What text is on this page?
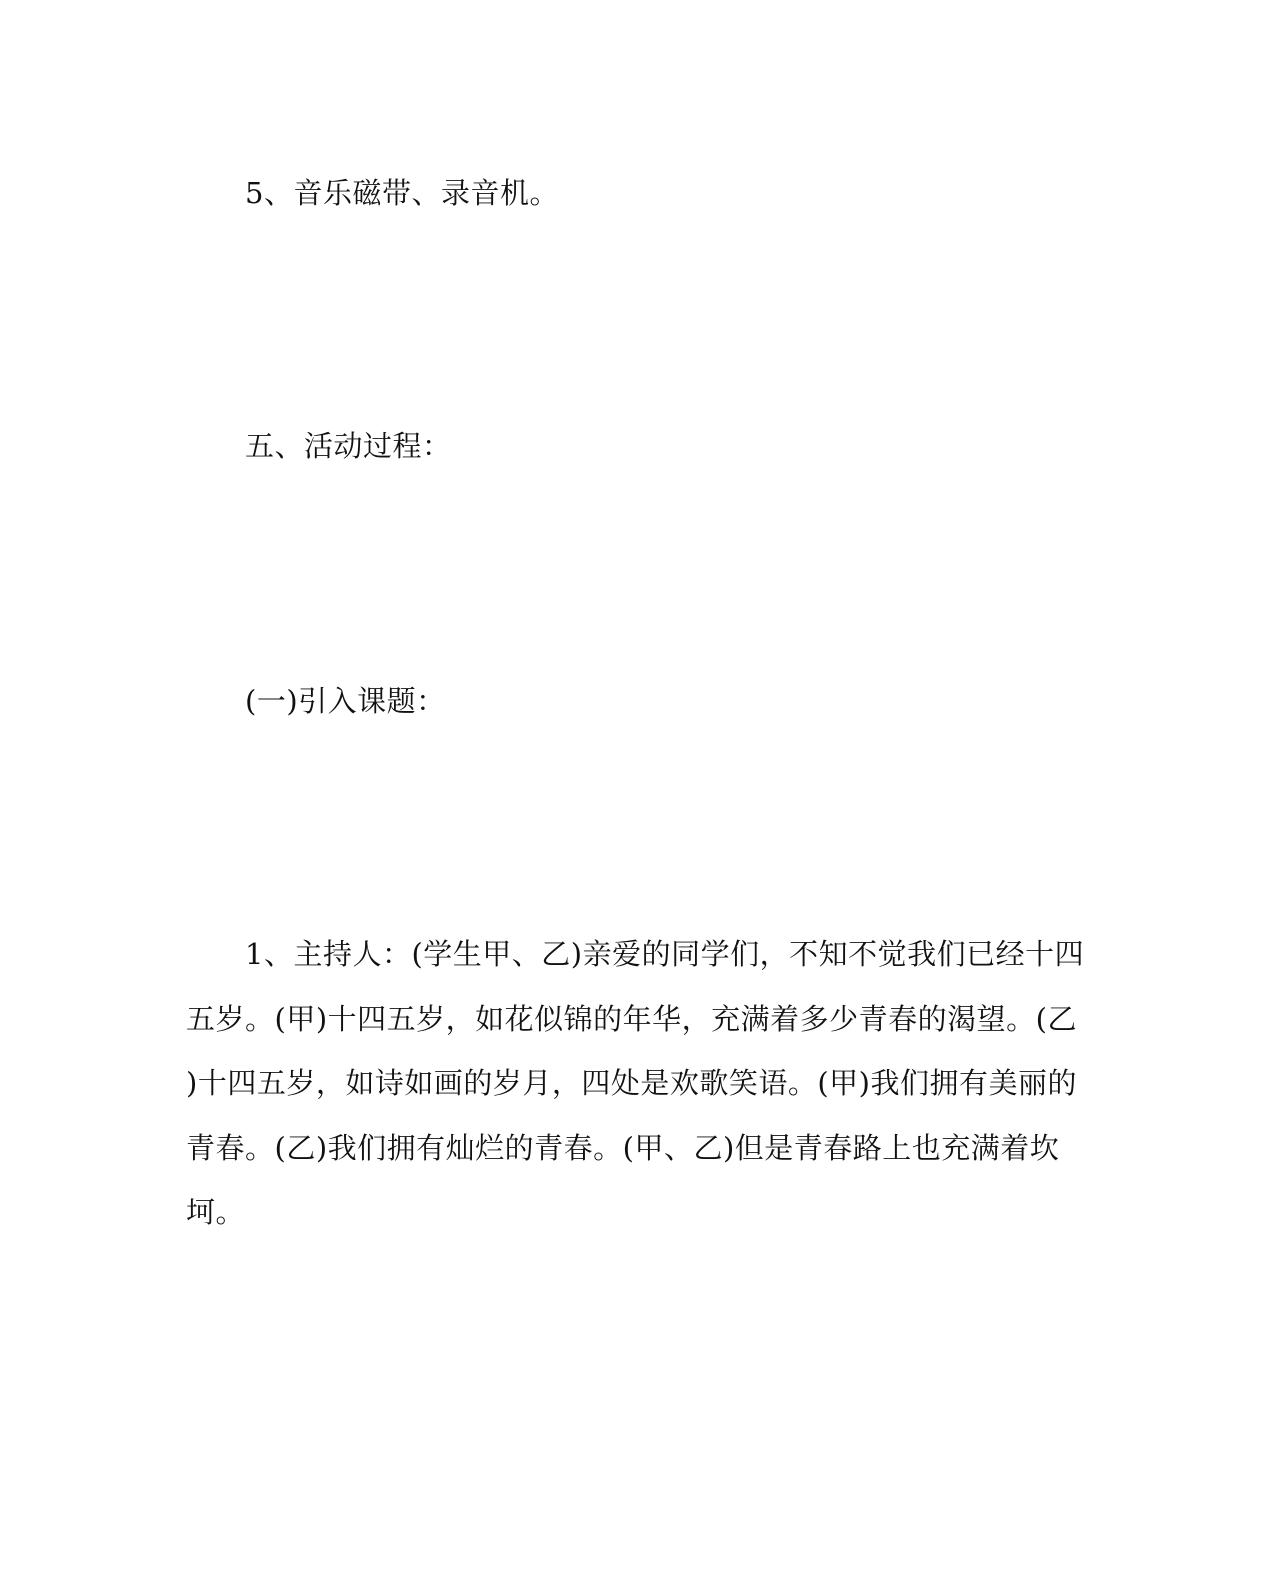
5、音乐磁带、录音机。

五、活动过程：

(一)引入课题：

1、主持人：(学生甲、乙)亲爱的同学们，不知不觉我们已经十四
五岁。(甲)十四五岁，如花似锦的年华，充满着多少青春的渴望。(乙
)十四五岁，如诗如画的岁月，四处是欢歌笑语。(甲)我们拥有美丽的
青春。(乙)我们拥有灿烂的青春。(甲、乙)但是青春路上也充满着坎
坷。
